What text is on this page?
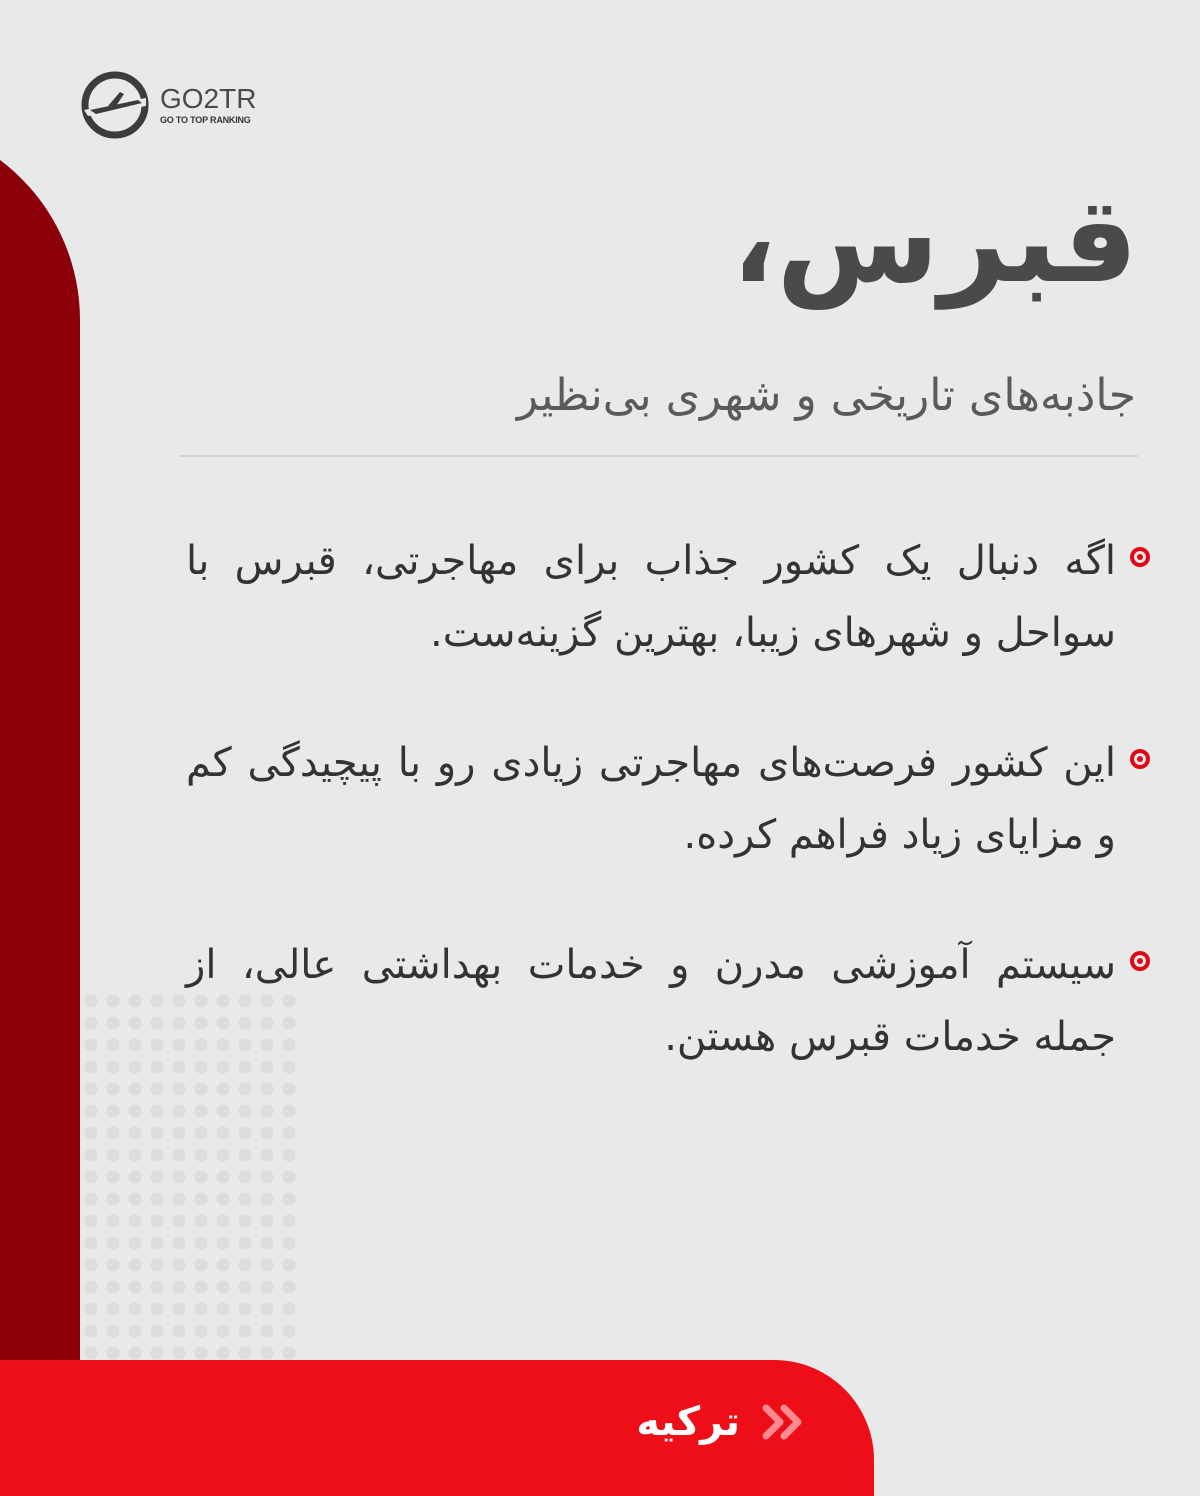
GO2TR
GO TO TOP RANKING
قبرس،
جاذبه‌های تاریخی و شهری بی‌نظیر
اگه دنبال یک کشور جذاب برای مهاجرتی، قبرس با سواحل و شهرهای زیبا، بهترین گزینه‌ست.
این کشور فرصت‌های مهاجرتی زیادی رو با پیچیدگی کم و مزایای زیاد فراهم کرده.
سیستم آموزشی مدرن و خدمات بهداشتی عالی، از جمله خدمات قبرس هستن.
ترکیه
